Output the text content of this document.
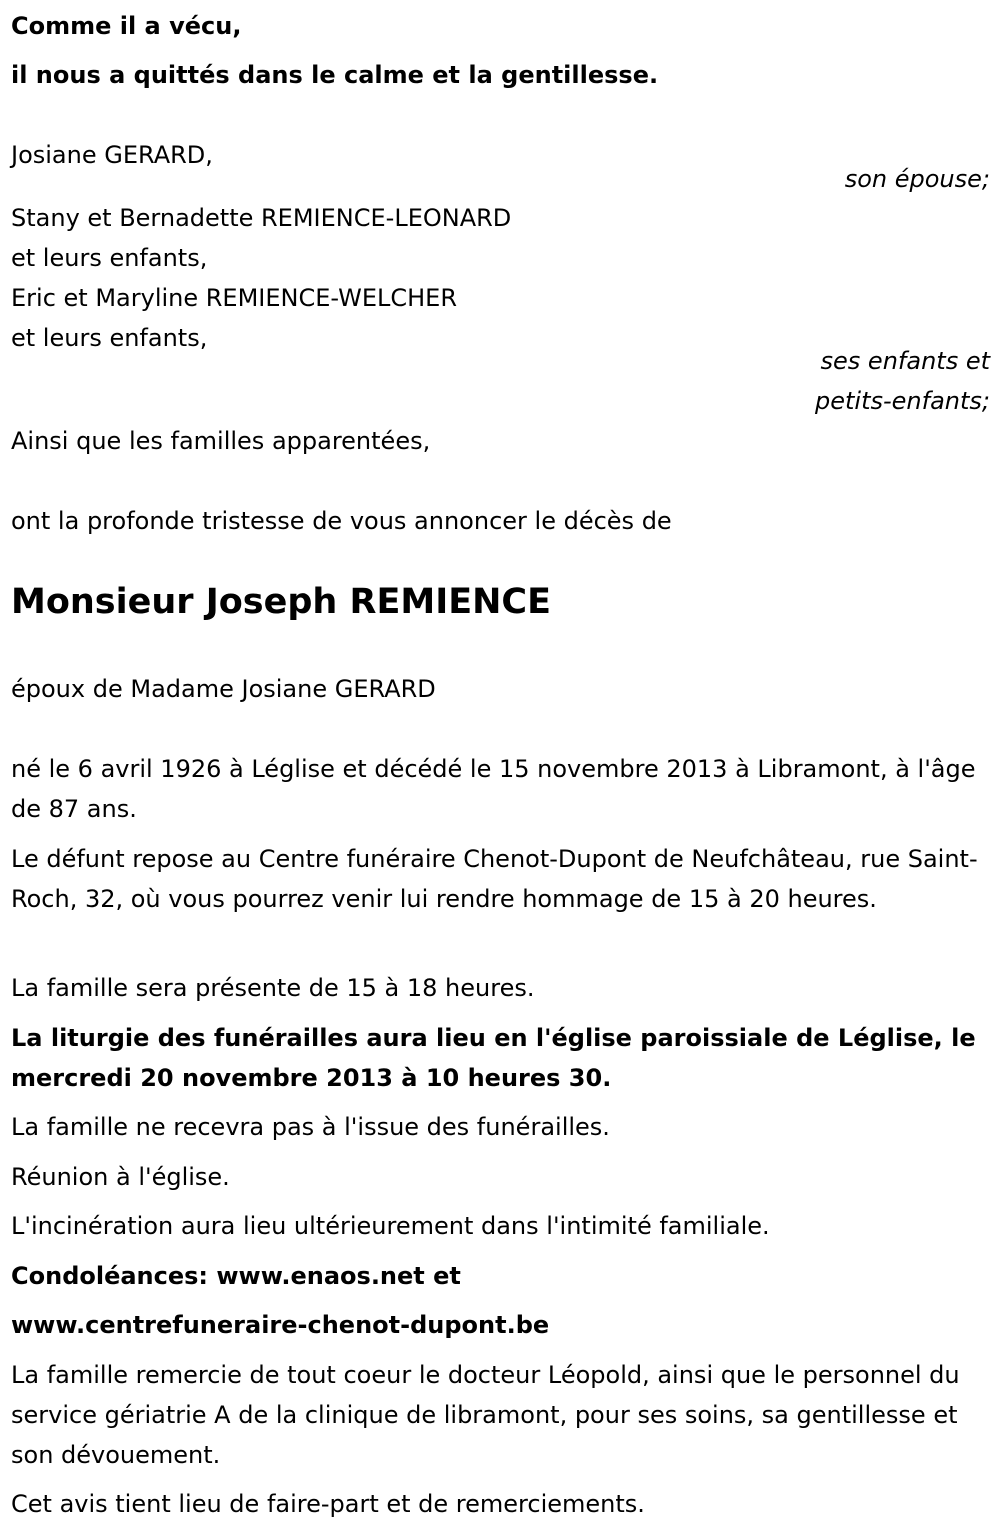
Comme il a vécu,

il nous a quittés dans le calme et la gentillesse.

Josiane GERARD,

son épouse;

Stany et Bernadette REMIENCE-LEONARD

et leurs enfants,

Eric et Maryline REMIENCE-WELCHER

et leurs enfants,

ses enfants et

petits-enfants;

Ainsi que les familles apparentées,

ont la profonde tristesse de vous annoncer le décès de

Monsieur Joseph REMIENCE

époux de Madame Josiane GERARD

né le 6 avril 1926 à Léglise et décédé le 15 novembre 2013 à Libramont, à l'âge de 87 ans.

Le défunt repose au Centre funéraire Chenot-Dupont de Neufchâteau, rue Saint-Roch, 32, où vous pourrez venir lui rendre hommage de 15 à 20 heures.

La famille sera présente de 15 à 18 heures.

La liturgie des funérailles aura lieu en l'église paroissiale de Léglise, le mercredi 20 novembre 2013 à 10 heures 30.

La famille ne recevra pas à l'issue des funérailles.

Réunion à l'église.

L'incinération aura lieu ultérieurement dans l'intimité familiale.

Condoléances: www.enaos.net et

www.centrefuneraire-chenot-dupont.be

La famille remercie de tout coeur le docteur Léopold, ainsi que le personnel du service gériatrie A de la clinique de libramont, pour ses soins, sa gentillesse et son dévouement.

Cet avis tient lieu de faire-part et de remerciements.
